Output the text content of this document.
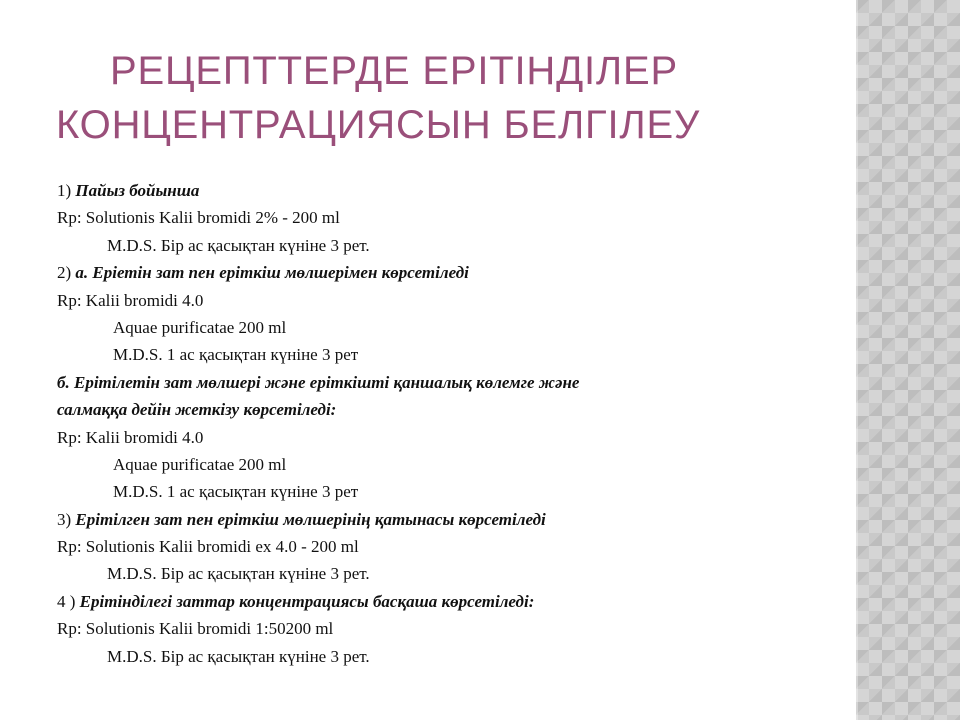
РЕЦЕПТТЕРДЕ ЕРІТІНДІЛЕР
КОНЦЕНТРАЦИЯСЫН БЕЛГІЛЕУ
1) Пайыз бойынша
Rp: Solutionis Kalii bromidi 2% - 200 ml
M.D.S. Бір ас қасықтан күніне 3 рет.
2) а. Еріетін зат пен еріткіш мөлшерімен көрсетіледі
Rp: Kalii bromidi 4.0
Aquae purificatae 200 ml
M.D.S. 1 ас қасықтан күніне 3 рет
б. Ерітілетін зат мөлшері және еріткішті қаншалық көлемге және
салмаққа дейін жеткізу көрсетіледі:
Rp: Kalii bromidi 4.0
Aquae purificatae 200 ml
M.D.S. 1 ас қасықтан күніне 3 рет
3) Ерітілген зат пен еріткіш мөлшерінің қатынасы көрсетіледі
Rp: Solutionis Kalii bromidi ex 4.0 - 200 ml
M.D.S. Бір ас қасықтан күніне 3 рет.
4 ) Ерітінділегі заттар концентрациясы басқаша көрсетіледі:
Rp: Solutionis Kalii bromidi 1:50200 ml
M.D.S. Бір ас қасықтан күніне 3 рет.
